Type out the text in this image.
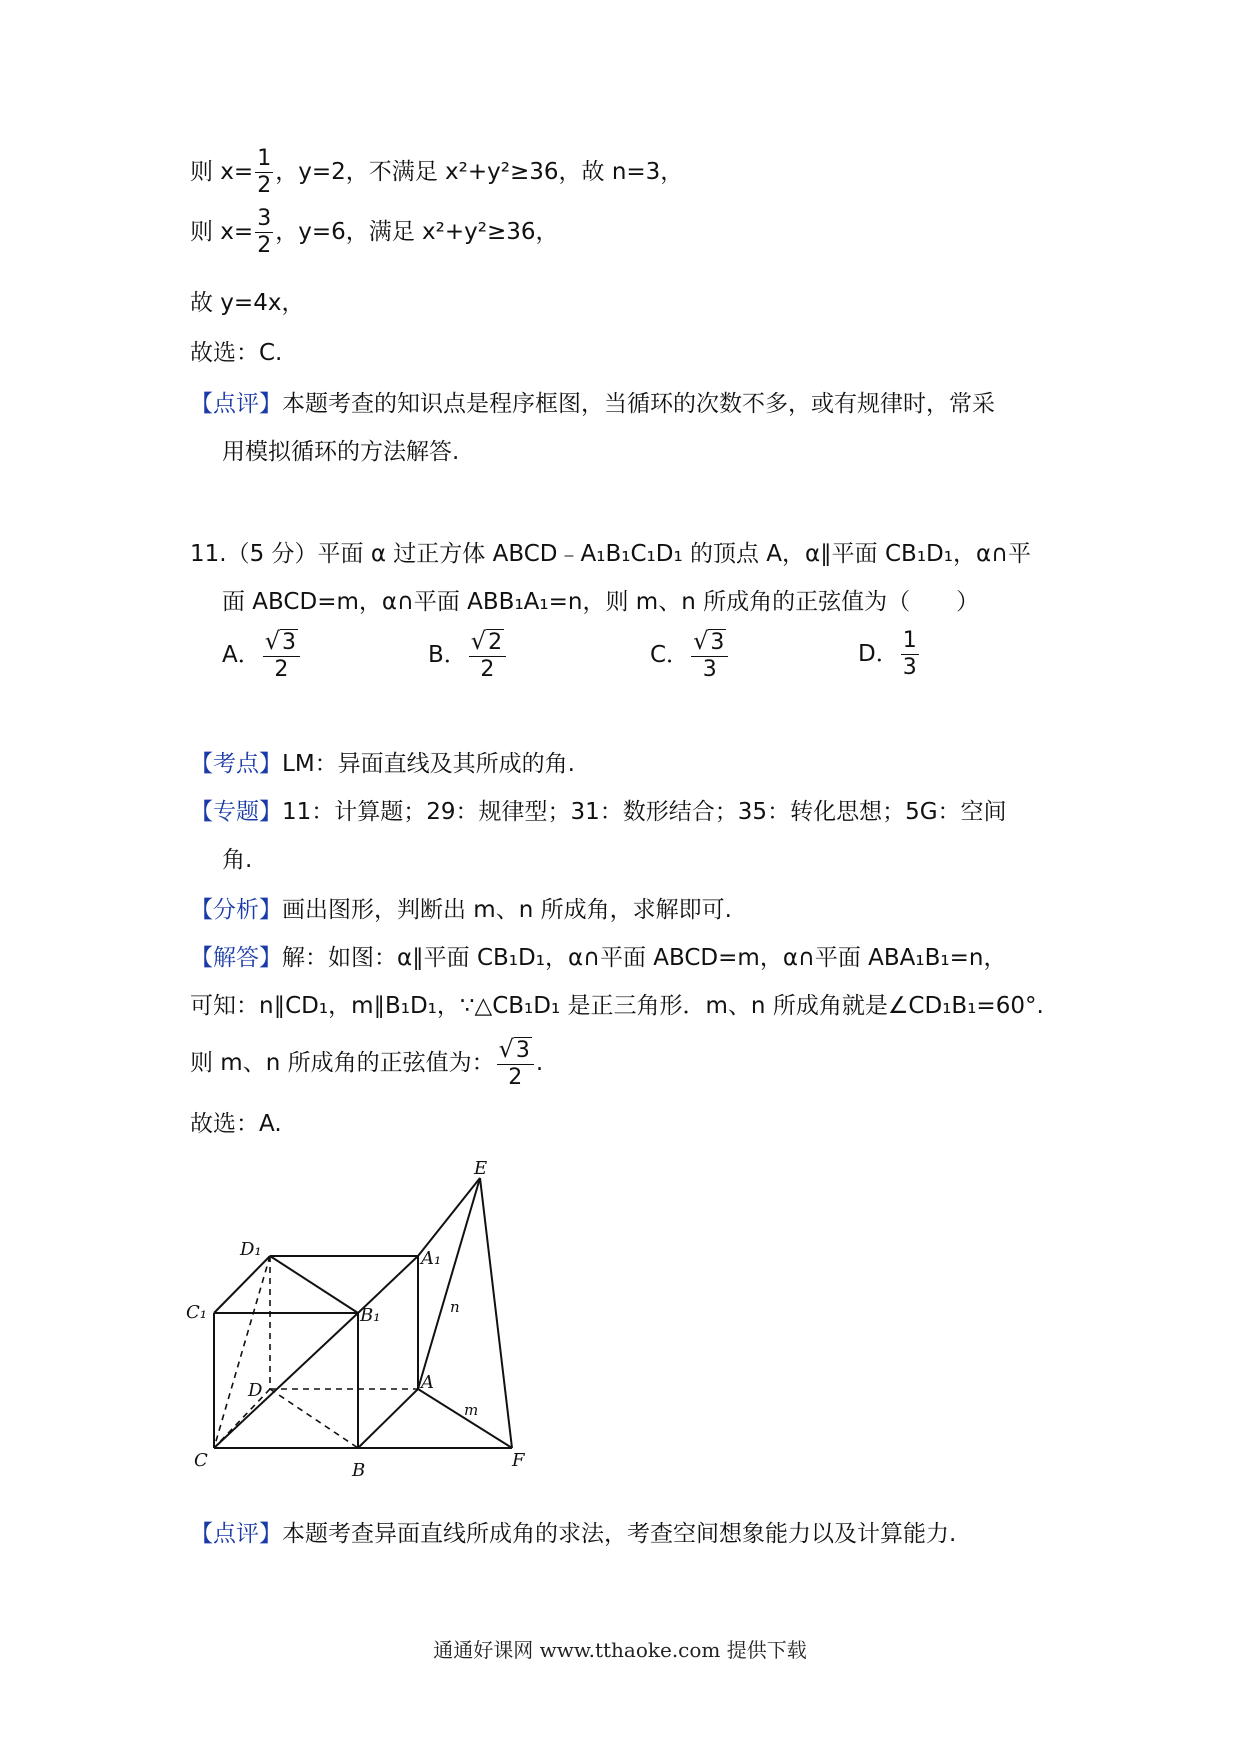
则 $x= \frac{1}{2}$ ，y=2，不满足 x²+y²≥36，故 n=3，
则 $x= \frac{3}{2}$ ，y=6，满足 x²+y²≥36，
故 y=4x，
故选：C.
【点评】本题考查的知识点是程序框图，当循环的次数不多，或有规律时，常采
用模拟循环的方法解答.
11.（5 分）平面 α 过正方体 ABCD﹣A₁B₁C₁D₁ 的顶点 A，α∥平面 CB₁D₁，α∩平
面 ABCD=m，α∩平面 ABB₁A₁=n，则 m、n 所成角的正弦值为（　　）
A． $\frac{√3}{2}$	B． $\frac{√2}{2}$	C． $\frac{√3}{3}$	D． $\frac{1}{3}$
【考点】LM：异面直线及其所成的角.
【专题】11：计算题；29：规律型；31：数形结合；35：转化思想；5G：空间
角.
【分析】画出图形，判断出 m、n 所成角，求解即可.
【解答】解：如图：α∥平面 CB₁D₁，α∩平面 ABCD=m，α∩平面 ABA₁B₁=n，
可知：n∥CD₁，m∥B₁D₁，∵△CB₁D₁ 是正三角形．m、n 所成角就是∠CD₁B₁=60°.
则 m、n 所成角的正弦值为： $\frac{√3}{2}$ .
故选：A.
E
D₁	A₁
C₁	B₁	n
D	A
m
C	B	F
【点评】本题考查异面直线所成角的求法，考查空间想象能力以及计算能力.
通通好课网 www.tthaoke.com 提供下载
